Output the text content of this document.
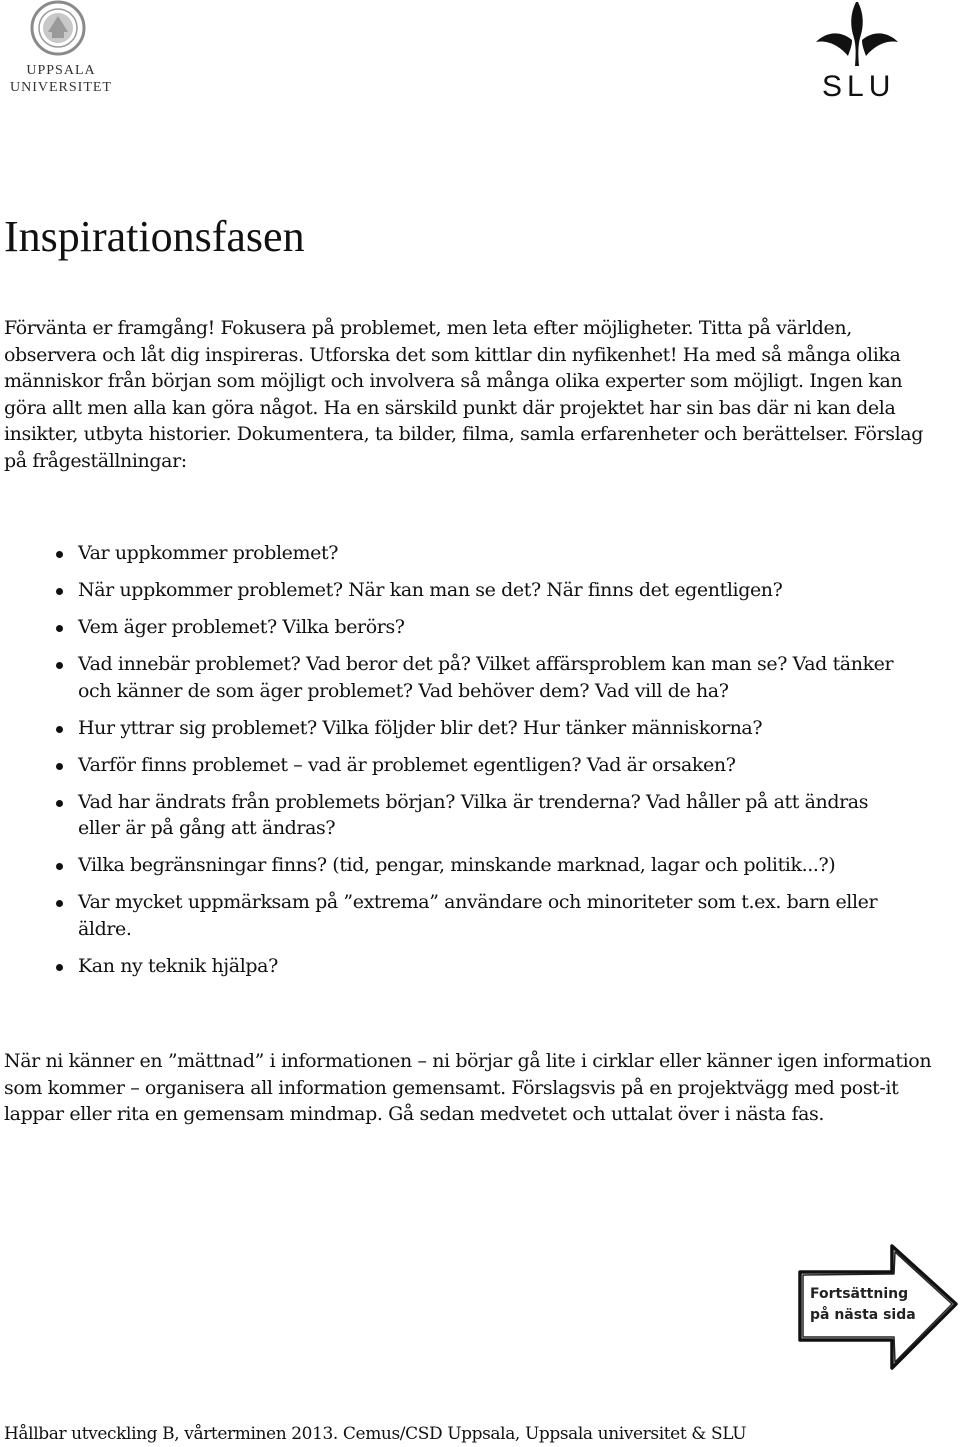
UPPSALA
UNIVERSITET	SLU
Inspirationsfasen

Förvänta er framgång! Fokusera på problemet, men leta efter möjligheter. Titta på världen, observera och låt dig inspireras. Utforska det som kittlar din nyfikenhet! Ha med så många olika människor från början som möjligt och involvera så många olika experter som möjligt. Ingen kan göra allt men alla kan göra något. Ha en särskild punkt där projektet har sin bas där ni kan dela insikter, utbyta historier. Dokumentera, ta bilder, filma, samla erfarenheter och berättelser. Förslag på frågeställningar:

Var uppkommer problemet?
När uppkommer problemet? När kan man se det? När finns det egentligen?
Vem äger problemet? Vilka berörs?
Vad innebär problemet? Vad beror det på? Vilket affärsproblem kan man se? Vad tänker och känner de som äger problemet? Vad behöver dem? Vad vill de ha?
Hur yttrar sig problemet? Vilka följder blir det? Hur tänker människorna?
Varför finns problemet – vad är problemet egentligen? Vad är orsaken?
Vad har ändrats från problemets början? Vilka är trenderna? Vad håller på att ändras eller är på gång att ändras?
Vilka begränsningar finns? (tid, pengar, minskande marknad, lagar och politik...?)
Var mycket uppmärksam på ”extrema” användare och minoriteter som t.ex. barn eller äldre.
Kan ny teknik hjälpa?

När ni känner en ”mättnad” i informationen – ni börjar gå lite i cirklar eller känner igen information som kommer – organisera all information gemensamt. Förslagsvis på en projektvägg med post-it lappar eller rita en gemensam mindmap. Gå sedan medvetet och uttalat över i nästa fas.

Fortsättning
på nästa sida

Hållbar utveckling B, vårterminen 2013. Cemus/CSD Uppsala, Uppsala universitet & SLU
